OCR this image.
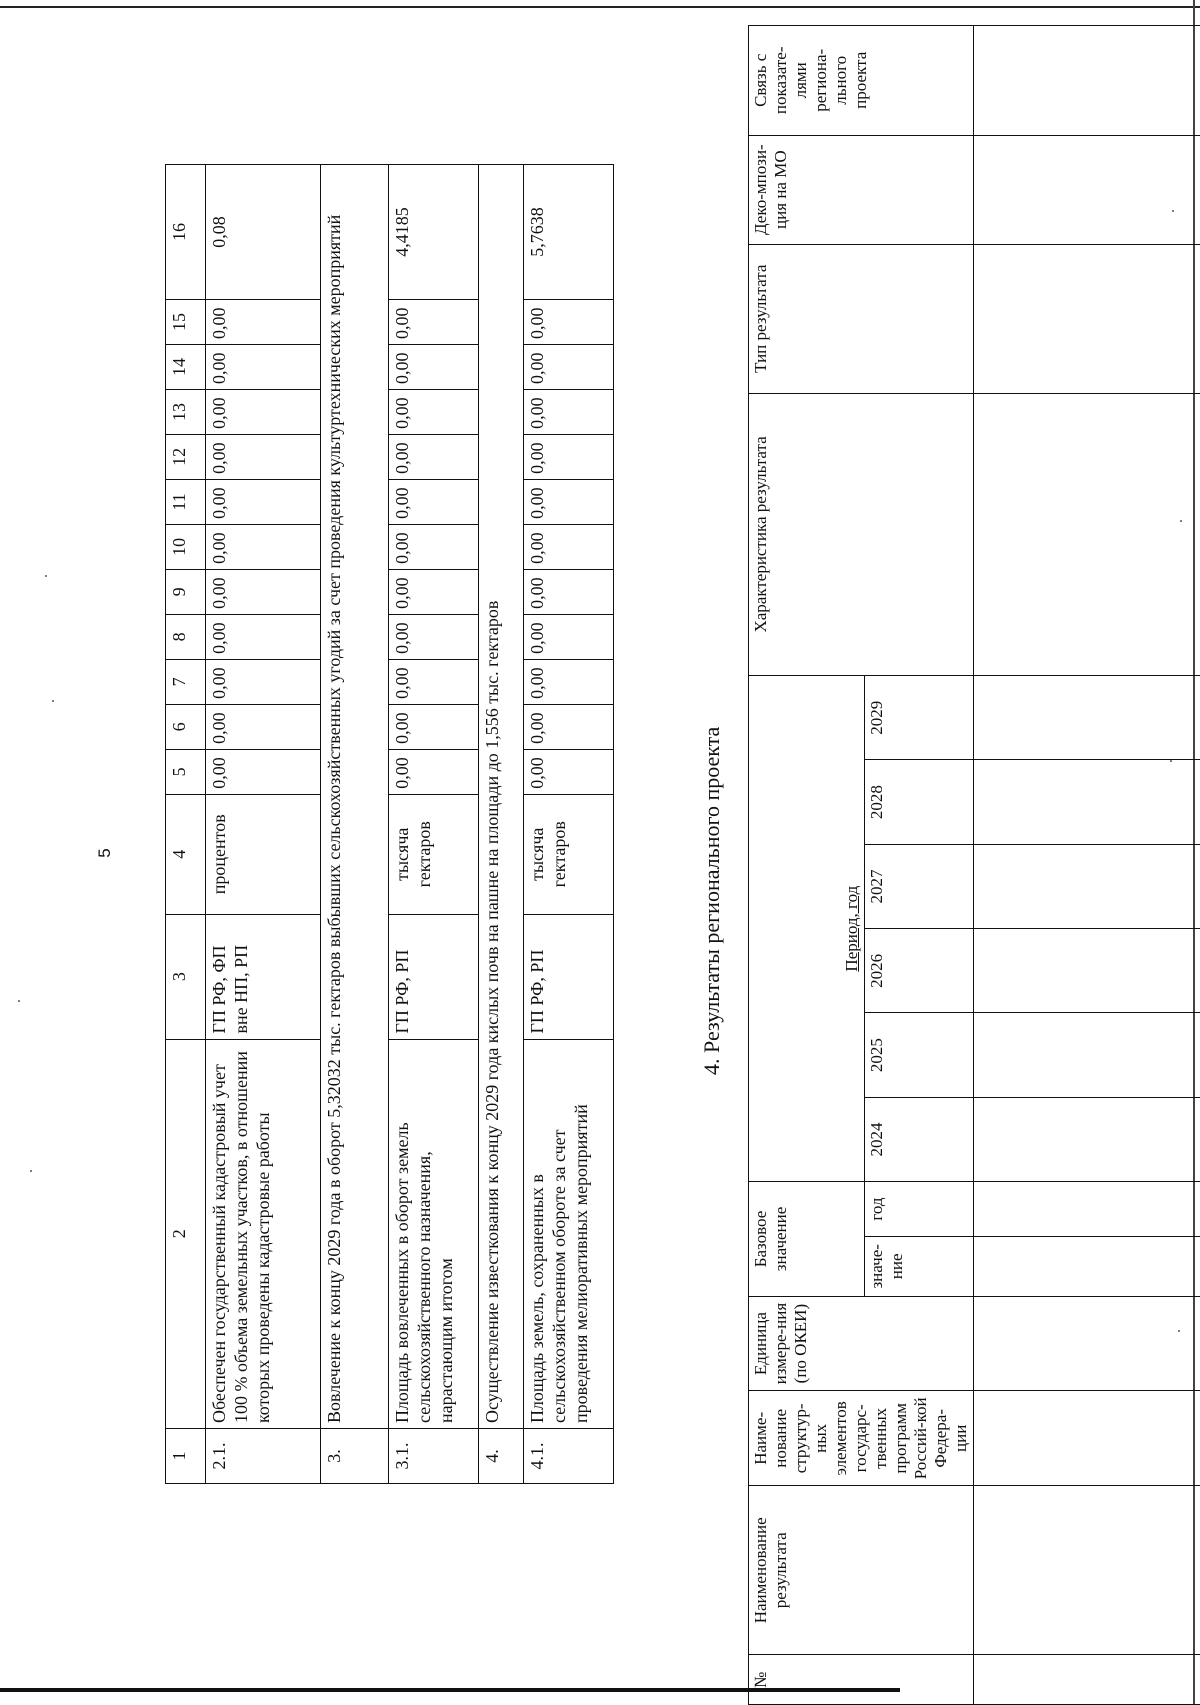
5
1	2	3	4	5	6	7	8	9	10	11	12	13	14	15	16
2.1.	Обеспечен государственный кадастровый учет 100 % объема земельных участков, в отношении которых проведены кадастровые работы	ГП РФ, ФП вне НП, РП	процентов	0,00	0,00	0,00	0,00	0,00	0,00	0,00	0,00	0,00	0,00	0,00	0,08
3.	Вовлечение к концу 2029 года в оборот 5,32032 тыс. гектаров выбывших сельскохозяйственных угодий за счет проведения культуртехнических мероприятий														
3.1.	Площадь вовлеченных в оборот земель сельскохозяйственного назначения, нарастающим итогом	ГП РФ, РП	тысяча гектаров	0,00	0,00	0,00	0,00	0,00	0,00	0,00	0,00	0,00	0,00	0,00	4,4185
4.	Осуществление известкования к концу 2029 года кислых почв на пашне на площади до 1,556 тыс. гектаров														
4.1.	Площадь земель, сохраненных в сельскохозяйственном обороте за счет проведения мелиоративных мероприятий	ГП РФ, РП	тысяча гектаров	0,00	0,00	0,00	0,00	0,00	0,00	0,00	0,00	0,00	0,00	0,00	5,7638
4. Результаты регионального проекта
№	Наименование результата	Наиме-нование структур-ных элементов государс-твенных программ Россий-кой Федера-ции	Единица измере-ния (по ОКЕИ)	Базовое значение		Период, год						Характеристика результата	Тип результата	Деко-мпози-ция на МО	Связь с показате-лями региона-льного проекта
				значе-ние	год	2024	2025	2026	2027	2028	2029				
